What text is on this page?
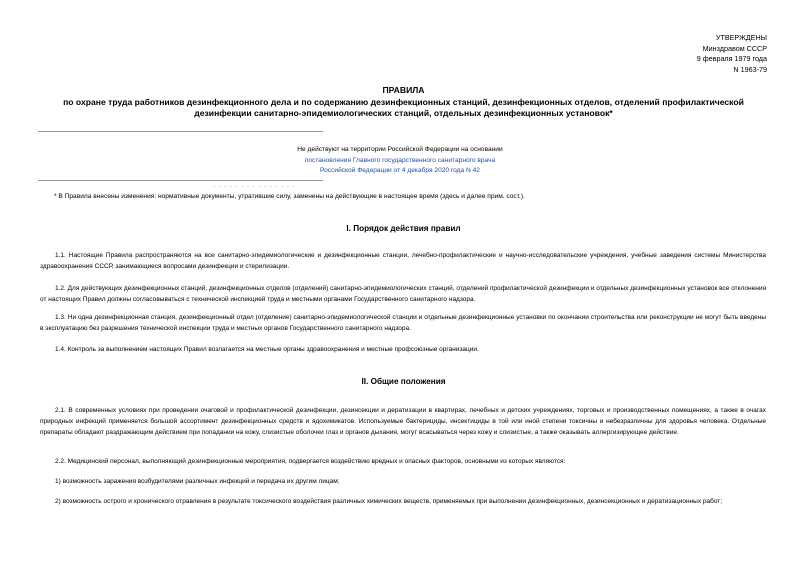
УТВЕРЖДЕНЫ
Минздравом СССР
9 февраля 1979 года
N 1963-79
ПРАВИЛА
по охране труда работников дезинфекционного дела и по содержанию дезинфекционных станций, дезинфекционных отделов, отделений профилактической
дезинфекции санитарно-эпидемиологических станций, отдельных дезинфекционных установок*
Не действуют на территории Российской Федерации на основании
постановления Главного государственного санитарного врача
Российской Федерации от 4 декабря 2020 года N 42
- - - - - - - - - - - - - - -
* В Правила внесены изменения: нормативные документы, утратившие силу, заменены на действующие в настоящее время (здесь и далее прим. сост.).
I. Порядок действия правил
1.1. Настоящие Правила распространяются на все санитарно-эпидемиологические и дезинфекционные станции, лечебно-профилактические и научно-исследовательские учреждения, учебные заведения системы Министерства здравоохранения СССР, занимающиеся вопросами дезинфекции и стерилизации.
1.2. Для действующих дезинфекционных станций, дезинфекционных отделов (отделений) санитарно-эпидемиологических станций, отделений профилактической дезинфекции и отдельных дезинфекционных установок все отклонения от настоящих Правил должны согласовываться с технической инспекцией труда и местными органами Государственного санитарного надзора.
1.3. Ни одна дезинфекционная станция, дезинфекционный отдел (отделение) санитарно-эпидемиологической станции и отдельные дезинфекционные установки по окончании строительства или реконструкции не могут быть введены в эксплуатацию без разрешения технической инспекции труда и местных органов Государственного санитарного надзора.
1.4. Контроль за выполнением настоящих Правил возлагается на местные органы здравоохранения и местные профсоюзные организации.
II. Общие положения
2.1. В современных условиях при проведении очаговой и профилактической дезинфекции, дезинсекции и дератизации в квартирах, лечебных и детских учреждениях, торговых и производственных помещениях, а также в очагах природных инфекций применяется большой ассортимент дезинфекционных средств и ядохимикатов. Используемые бактерициды, инсектициды в той или иной степени токсичны и небезразличны для здоровья человека. Отдельные препараты обладают раздражающим действием при попадании на кожу, слизистые оболочки глаз и органов дыхания, могут всасываться через кожу и слизистые, а также оказывать аллергизирующее действие.
2.2. Медицинский персонал, выполняющий дезинфекционные мероприятия, подвергается воздействию вредных и опасных факторов, основными из которых являются:
1) возможность заражения возбудителями различных инфекций и передача их другим лицам;
2) возможность острого и хронического отравления в результате токсического воздействия различных химических веществ, применяемых при выполнении дезинфекционных, дезинсекционных и дератизационных работ;
